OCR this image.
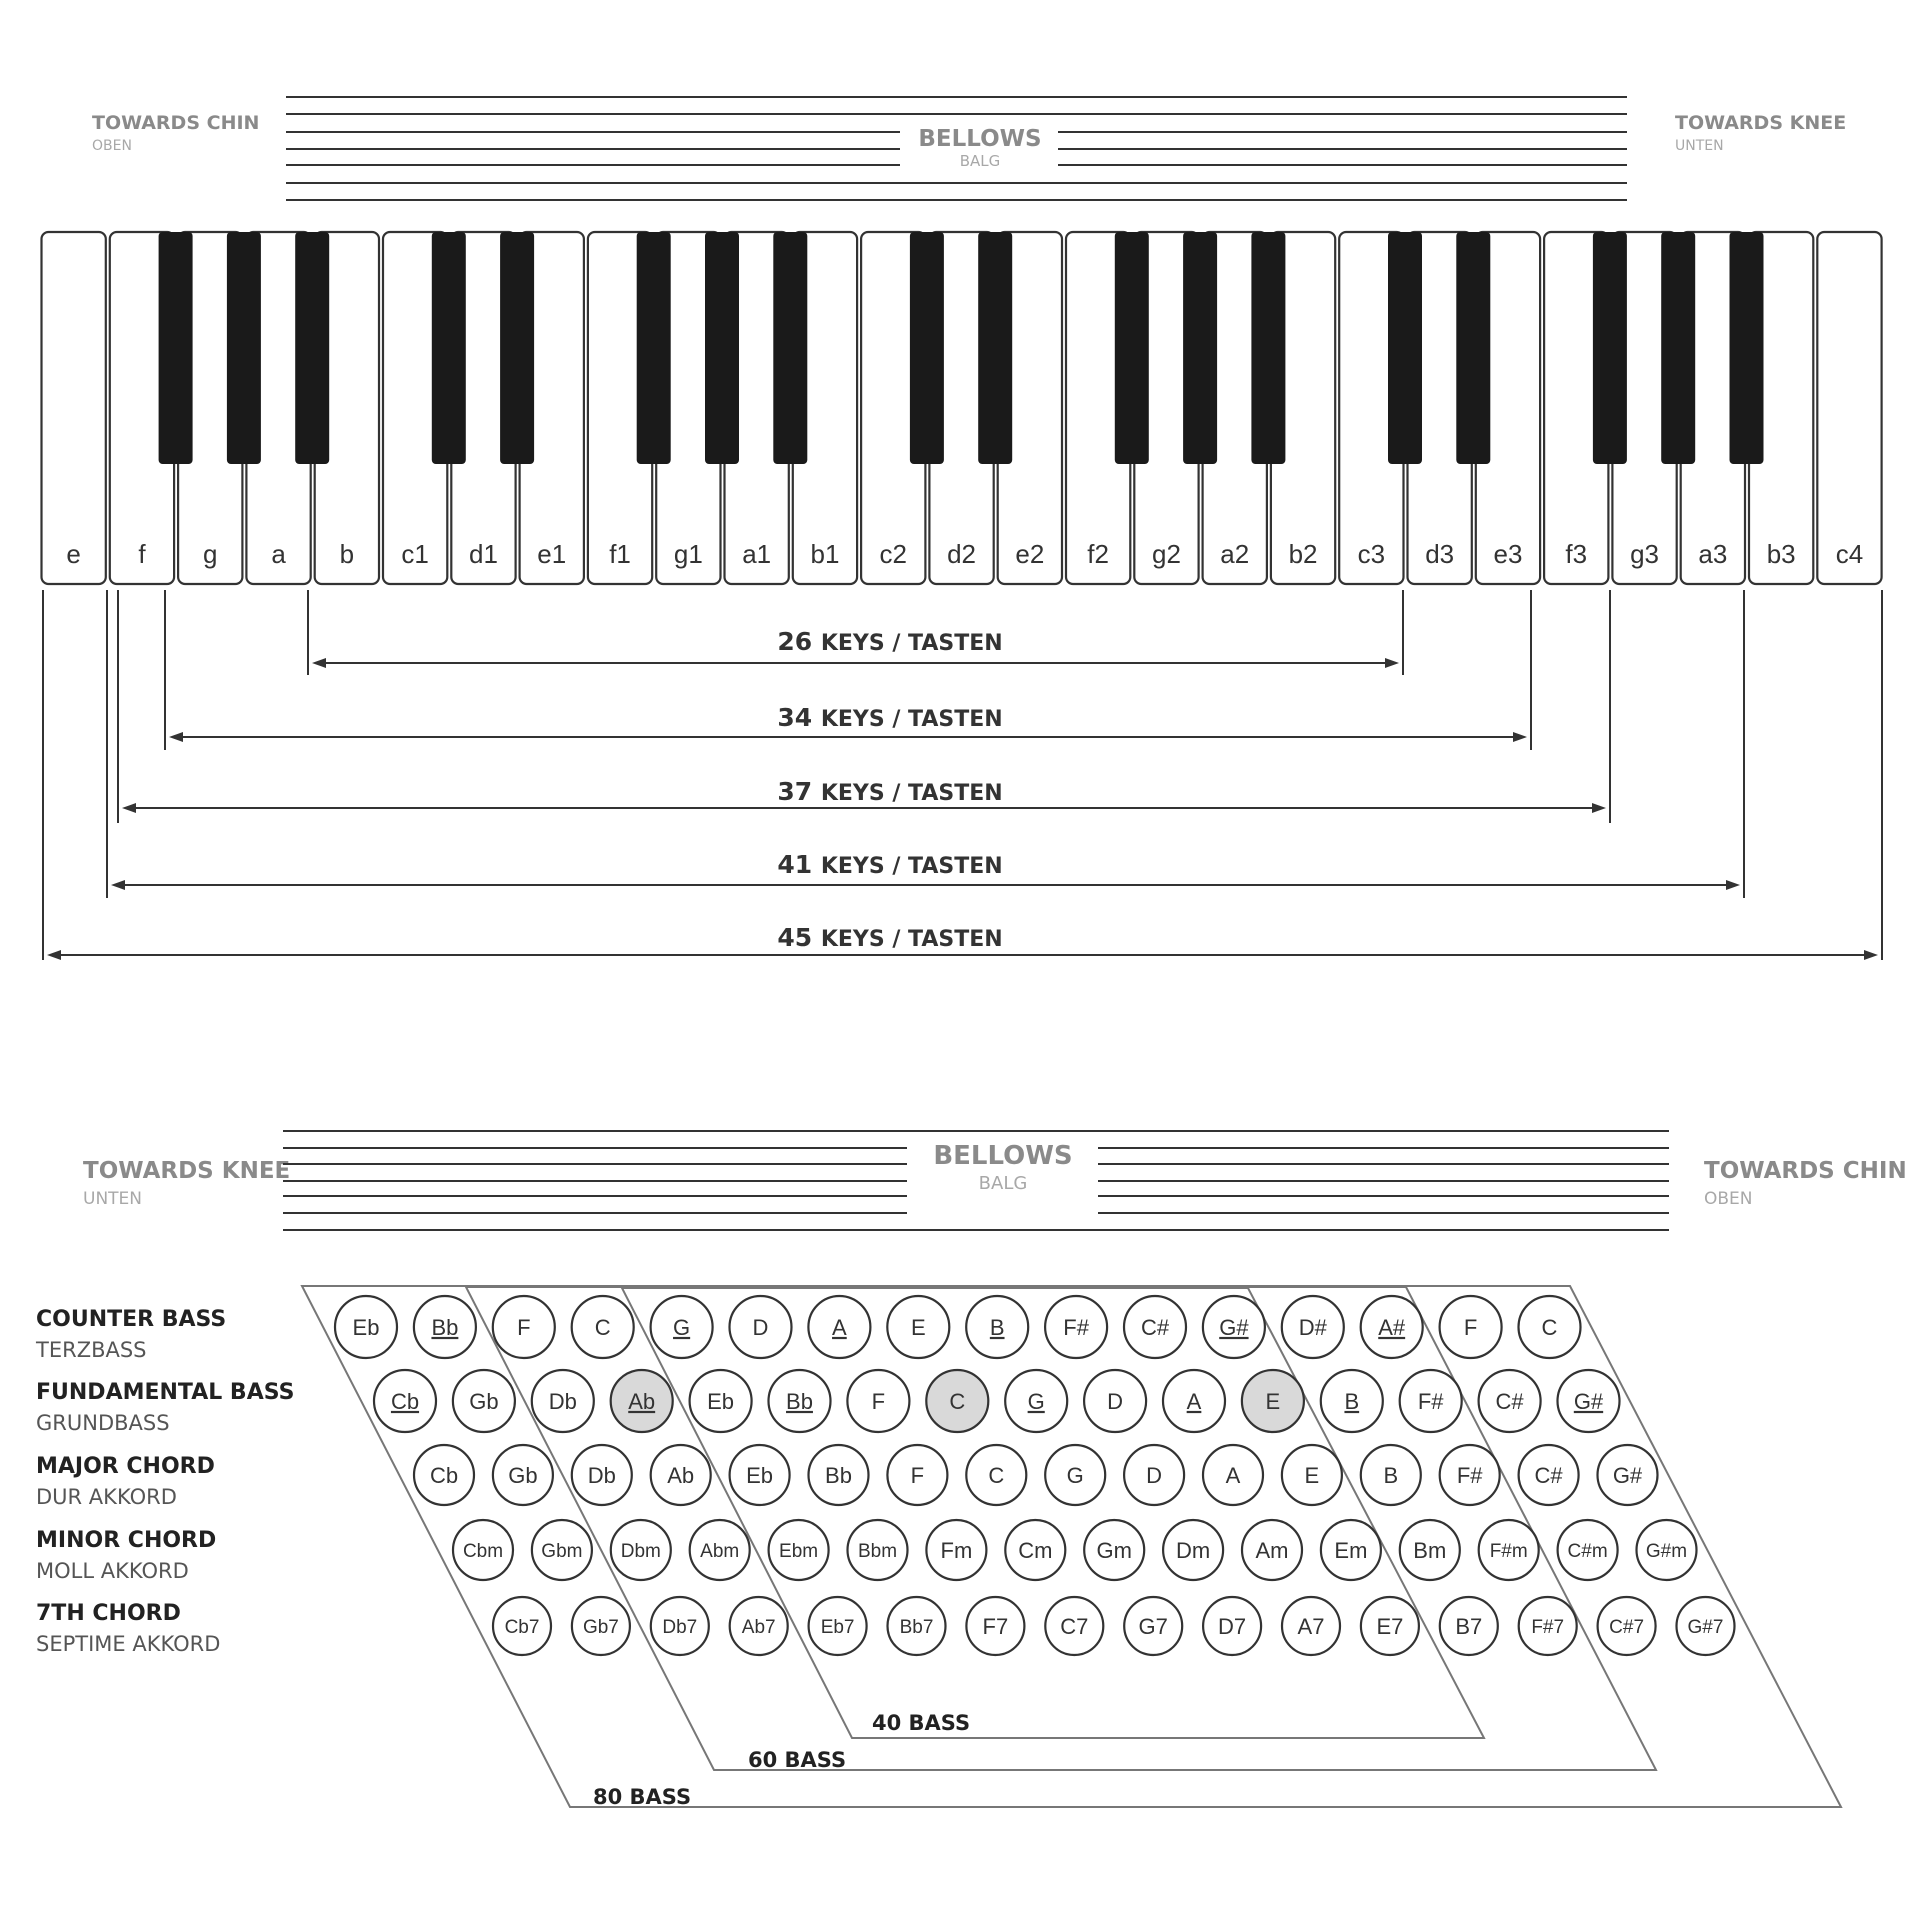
TOWARDS CHIN
OBEN
TOWARDS KNEE
UNTEN
BELLOWS
BALG
e f g a b c1 d1 e1 f1 g1 a1 b1 c2 d2 e2 f2 g2 a2 b2 c3 d3 e3 f3 g3 a3 b3 c4
26 KEYS / TASTEN
34 KEYS / TASTEN
37 KEYS / TASTEN
41 KEYS / TASTEN
45 KEYS / TASTEN
TOWARDS KNEE
UNTEN
TOWARDS CHIN
OBEN
BELLOWS
BALG
COUNTER BASS
TERZBASS
FUNDAMENTAL BASS
GRUNDBASS
MAJOR CHORD
DUR AKKORD
MINOR CHORD
MOLL AKKORD
7TH CHORD
SEPTIME AKKORD
40 BASS
60 BASS
80 BASS
Eb Bb	F	C	G	D	A	E	B	F# C# G# D# A#	F	C
Cb Gb Db Ab Eb Bb	F	C	G	D	A	E	B	F# C# G#
Cb Gb Db Ab Eb Bb	F	C	G	D	A	E	B	F# C# G#
Cbm Gbm Dbm Abm Ebm Bbm Fm Cm Gm Dm Am Em Bm F#m C#m G#m
Cb7 Gb7 Db7 Ab7 Eb7 Bb7 F7 C7 G7 D7 A7 E7 B7	F#7 C#7 G#7
